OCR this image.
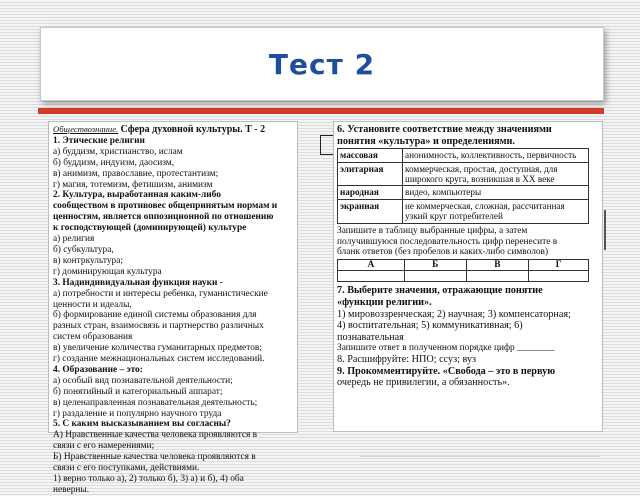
Тест 2

Обществознание. Сфера духовной культуры. Т - 2

1. Этические религии

а) буддизм, христианство, ислам

б) буддизм, индуизм, даосизм,

в) анимизм, православие, протестантизм;

г) магия, тотемизм, фетишизм, анимизм

2. Культура, выработанная каким-либо

сообществом в противовес общепринятым нормам и

ценностям, является оппозиционной по отношению

к господствующей (доминирующей) культуре

а) религия

б) субкультура,

в) контркультура;

г) доминирующая культура

3. Надиндивидуальная функция науки -

а) потребности и интересы ребенка, гуманистические

ценности и идеалы,

б) формирование единой системы образования для

разных стран, взаимосвязь и партнерство различных

систем образования

в) увеличение количества гуманитарных предметов;

г) создание межнациональных систем исследований.

4. Образование – это:

а) особый вид познавательной деятельности;

б) понятийный и категориальный аппарат;

в) целенаправленная познавательная деятельность;

г) раздаление и популярно научного труда

5. С каким высказыванием вы согласны?

А) Нравственные качества человека проявляются в

связи с его намерениями;

Б) Нравственные качества человека проявляются в

связи с его поступками, действиями.

1) верно только а), 2) только б), 3) а) и б), 4) оба

неверны.

6. Установите соответствие между значениями

понятия «культура» и определениями.

массовая	анонимность, коллективность, первичность
элитарная	коммерческая, простая, доступная, для широкого круга, возникшая в XX веке
народная	видео, компьютеры
экранная	не коммерческая, сложная, рассчитанная узкий круг потребителей

Запишите в таблицу выбранные цифры, а затем

получившуюся последовательность цифр перенесите в

бланк ответов (без пробелов и каких-либо символов)

А	Б	В	Г

7. Выберите значения, отражающие понятие

«функции религии».

1) мировоззренческая; 2) научная; 3) компенсаторная;

4) воспитательная; 5) коммуникативная; 6)

познавательная

Запишите ответ в полученном порядке цифр ________

8. Расшифруйте: НПО; ссуз; вуз

9. Прокомментируйте. «Свобода – это в первую

очередь не привилегии, а обязанность».
